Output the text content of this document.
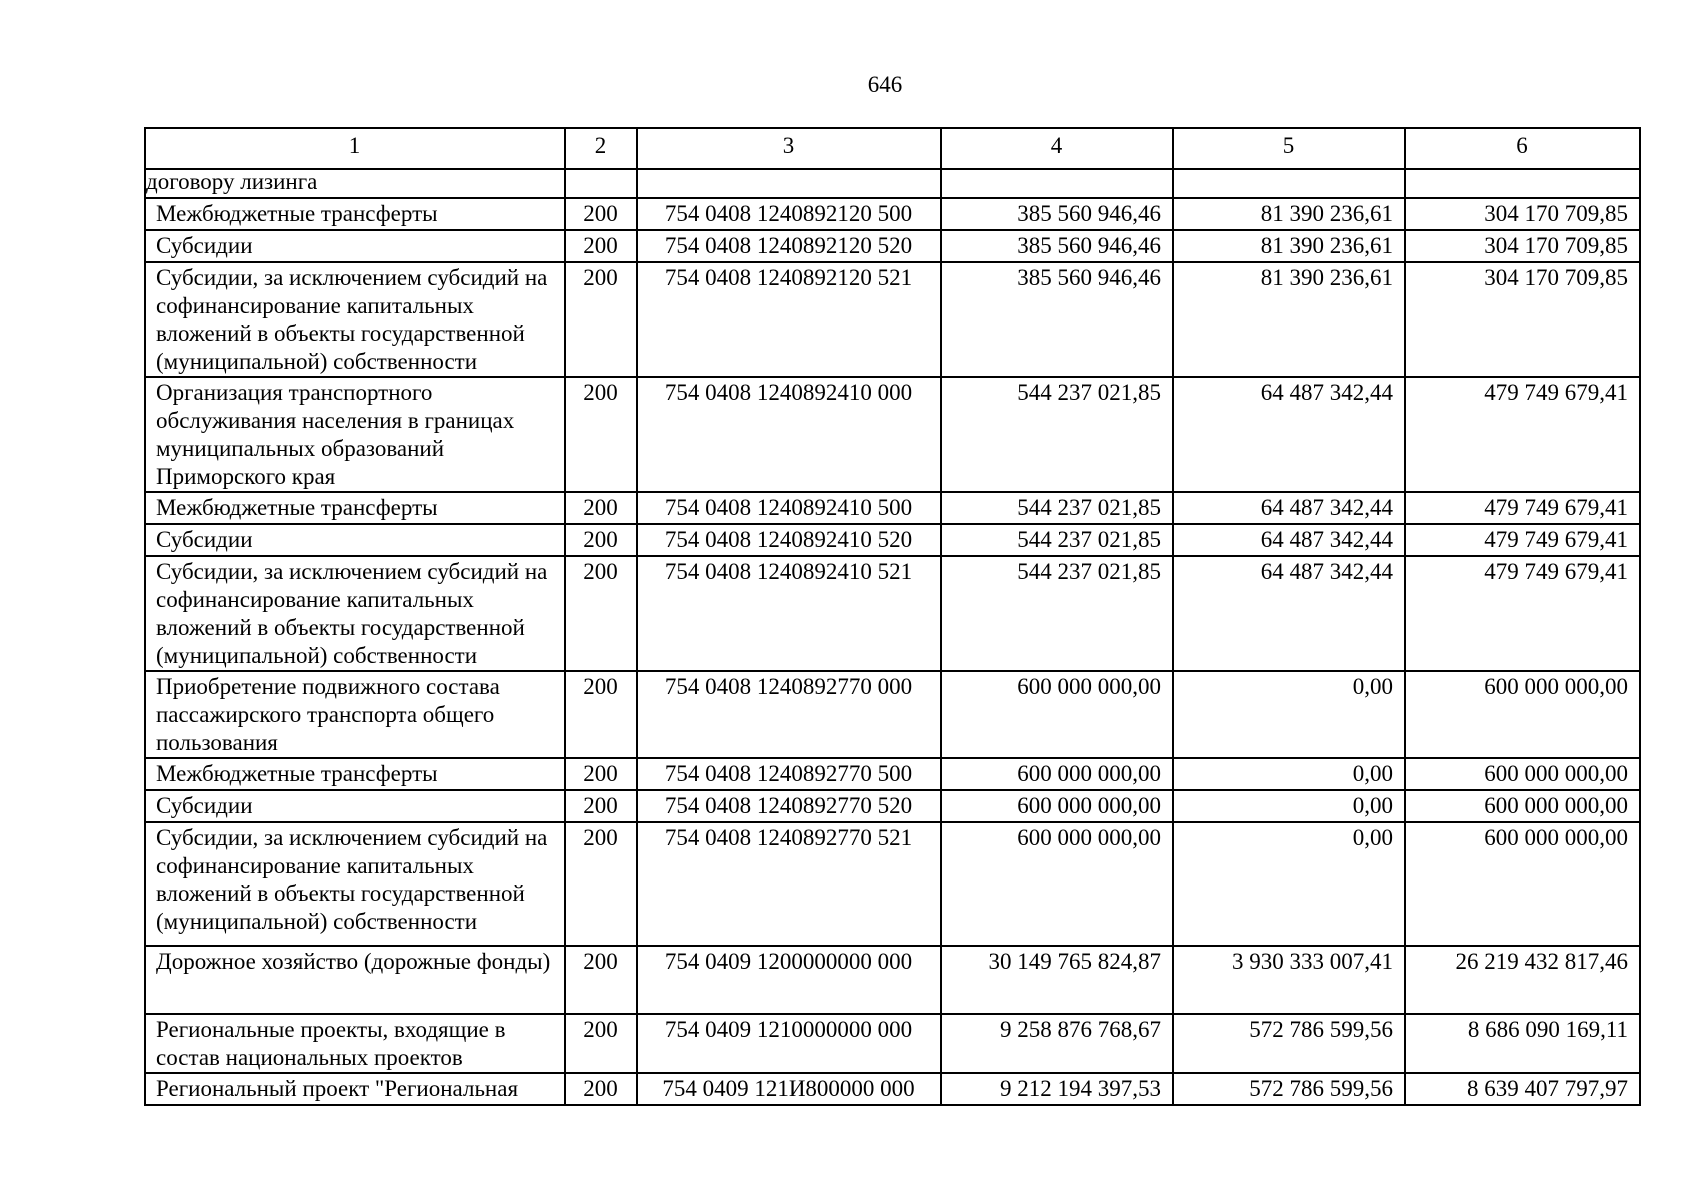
646
1	2	3	4	5	6
договору лизинга					
Межбюджетные трансферты	200	754 0408 1240892120 500	385 560 946,46	81 390 236,61	304 170 709,85
Субсидии	200	754 0408 1240892120 520	385 560 946,46	81 390 236,61	304 170 709,85
Субсидии, за исключением субсидий на софинансирование капитальных вложений в объекты государственной (муниципальной) собственности	200	754 0408 1240892120 521	385 560 946,46	81 390 236,61	304 170 709,85
Организация транспортного обслуживания населения в границах муниципальных образований Приморского края	200	754 0408 1240892410 000	544 237 021,85	64 487 342,44	479 749 679,41
Межбюджетные трансферты	200	754 0408 1240892410 500	544 237 021,85	64 487 342,44	479 749 679,41
Субсидии	200	754 0408 1240892410 520	544 237 021,85	64 487 342,44	479 749 679,41
Субсидии, за исключением субсидий на софинансирование капитальных вложений в объекты государственной (муниципальной) собственности	200	754 0408 1240892410 521	544 237 021,85	64 487 342,44	479 749 679,41
Приобретение подвижного состава пассажирского транспорта общего пользования	200	754 0408 1240892770 000	600 000 000,00	0,00	600 000 000,00
Межбюджетные трансферты	200	754 0408 1240892770 500	600 000 000,00	0,00	600 000 000,00
Субсидии	200	754 0408 1240892770 520	600 000 000,00	0,00	600 000 000,00
Субсидии, за исключением субсидий на софинансирование капитальных вложений в объекты государственной (муниципальной) собственности	200	754 0408 1240892770 521	600 000 000,00	0,00	600 000 000,00
Дорожное хозяйство (дорожные фонды)	200	754 0409 1200000000 000	30 149 765 824,87	3 930 333 007,41	26 219 432 817,46
Региональные проекты, входящие в состав национальных проектов	200	754 0409 1210000000 000	9 258 876 768,67	572 786 599,56	8 686 090 169,11
Региональный проект "Региональная	200	754 0409 121И800000 000	9 212 194 397,53	572 786 599,56	8 639 407 797,97
